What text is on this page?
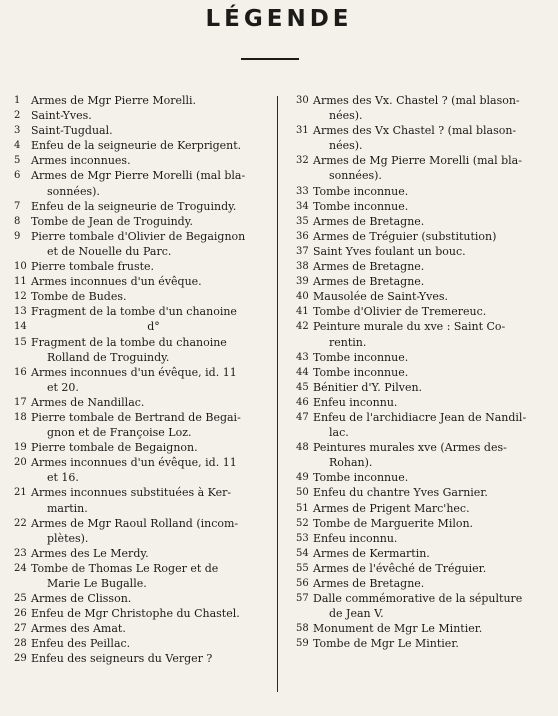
LÉGENDE
1 Armes de Mgr Pierre Morelli.
2 Saint-Yves.
3 Saint-Tugdual.
4 Enfeu de la seigneurie de Kerprigent.
5 Armes inconnues.
6 Armes de Mgr Pierre Morelli (mal bla-
sonnées).
7 Enfeu de la seigneurie de Troguindy.
8 Tombe de Jean de Troguindy.
9 Pierre tombale d'Olivier de Begaignon
et de Nouelle du Parc.
10 Pierre tombale fruste.
11 Armes inconnues d'un évêque.
12 Tombe de Budes.
13 Fragment de la tombe d'un chanoine
14	d°
15 Fragment de la tombe du chanoine
Rolland de Troguindy.
16 Armes inconnues d'un évêque, id. 11
et 20.
17 Armes de Nandillac.
18 Pierre tombale de Bertrand de Begai-
gnon et de Françoise Loz.
19 Pierre tombale de Begaignon.
20 Armes inconnues d'un évêque, id. 11
et 16.
21 Armes inconnues substituées à Ker-
martin.
22 Armes de Mgr Raoul Rolland (incom-
plètes).
23 Armes des Le Merdy.
24 Tombe de Thomas Le Roger et de
Marie Le Bugalle.
25 Armes de Clisson.
26 Enfeu de Mgr Christophe du Chastel.
27 Armes des Amat.
28 Enfeu des Peillac.
29 Enfeu des seigneurs du Verger ?
30 Armes des Vx. Chastel ? (mal blason-
nées).
31 Armes des Vx Chastel ? (mal blason-
nées).
32 Armes de Mg Pierre Morelli (mal bla-
sonnées).
33 Tombe inconnue.
34 Tombe inconnue.
35 Armes de Bretagne.
36 Armes de Tréguier (substitution)
37 Saint Yves foulant un bouc.
38 Armes de Bretagne.
39 Armes de Bretagne.
40 Mausolée de Saint-Yves.
41 Tombe d'Olivier de Tremereuc.
42 Peinture murale du xve : Saint Co-
rentin.
43 Tombe inconnue.
44 Tombe inconnue.
45 Bénitier d'Y. Pilven.
46 Enfeu inconnu.
47 Enfeu de l'archidiacre Jean de Nandil-
lac.
48 Peintures murales xve (Armes des-
Rohan).
49 Tombe inconnue.
50 Enfeu du chantre Yves Garnier.
51 Armes de Prigent Marc'hec.
52 Tombe de Marguerite Milon.
53 Enfeu inconnu.
54 Armes de Kermartin.
55 Armes de l'évêché de Tréguier.
56 Armes de Bretagne.
57 Dalle commémorative de la sépulture
de Jean V.
58 Monument de Mgr Le Mintier.
59 Tombe de Mgr Le Mintier.
